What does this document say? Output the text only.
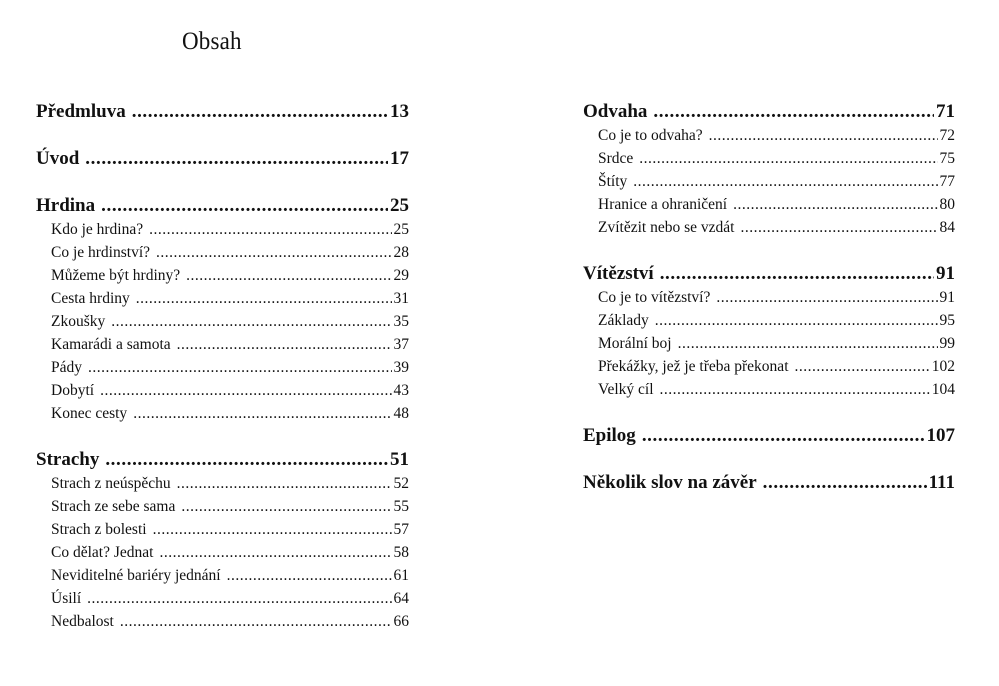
Obsah
Předmluva .....	13
Úvod .....	17
Hrdina .....	25
Kdo je hrdina? .....	25
Co je hrdinství? .....	28
Můžeme být hrdiny? .....	29
Cesta hrdiny .....	31
Zkoušky .....	35
Kamarádi a samota .....	37
Pády .....	39
Dobytí .....	43
Konec cesty .....	48
Strachy .....	51
Strach z neúspěchu .....	52
Strach ze sebe sama .....	55
Strach z bolesti .....	57
Co dělat? Jednat .....	58
Neviditelné bariéry jednání .....	61
Úsilí .....	64
Nedbalost .....	66
Odvaha .....	71
Co je to odvaha? .....	72
Srdce .....	75
Štíty .....	77
Hranice a ohraničení .....	80
Zvítězit nebo se vzdát .....	84
Vítězství .....	91
Co je to vítězství? .....	91
Základy .....	95
Morální boj .....	99
Překážky, jež je třeba překonat .....	102
Velký cíl .....	104
Epilog .....	107
Několik slov na závěr .....	111
